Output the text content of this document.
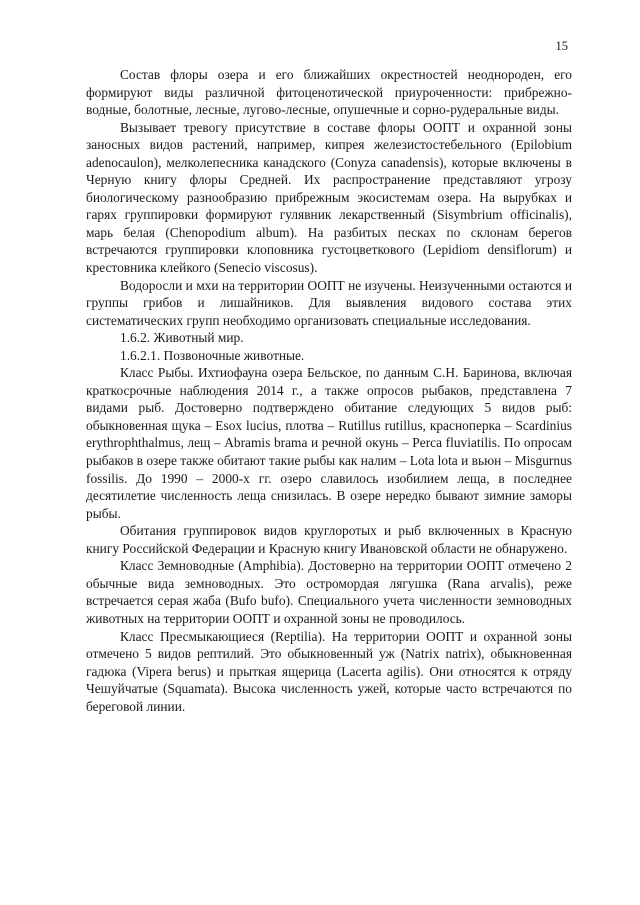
15

Состав флоры озера и его ближайших окрестностей неоднороден, его формируют виды различной фитоценотической приуроченности: прибрежно-водные, болотные, лесные, лугово-лесные, опушечные и сорно-рудеральные виды.

Вызывает тревогу присутствие в составе флоры ООПТ и охранной зоны заносных видов растений, например, кипрея железистостебельного (Epilobium adenocaulon), мелколепесника канадского (Conyza canadensis), которые включены в Черную книгу флоры Средней. Их распространение представляют угрозу биологическому разнообразию прибрежным экосистемам озера. На вырубках и гарях группировки формируют гулявник лекарственный (Sisymbrium officinalis), марь белая (Chenopodium album). На разбитых песках по склонам берегов встречаются группировки клоповника густоцветкового (Lepidiom densiflorum) и крестовника клейкого (Senecio viscosus).

Водоросли и мхи на территории ООПТ не изучены. Неизученными остаются и группы грибов и лишайников. Для выявления видового состава этих систематических групп необходимо организовать специальные исследования.

1.6.2. Животный мир.

1.6.2.1. Позвоночные животные.

Класс Рыбы. Ихтиофауна озера Бельское, по данным С.Н. Баринова, включая краткосрочные наблюдения 2014 г., а также опросов рыбаков, представлена 7 видами рыб. Достоверно подтверждено обитание следующих 5 видов рыб: обыкновенная щука – Esox lucius, плотва – Rutillus rutillus, красноперка – Scardinius erythrophthalmus, лещ – Abramis brama и речной окунь – Perca fluviatilis. По опросам рыбаков в озере также обитают такие рыбы как налим – Lota lota и вьюн – Misgurnus fossilis. До 1990 – 2000-х гг. озеро славилось изобилием леща, в последнее десятилетие численность леща снизилась. В озере нередко бывают зимние заморы рыбы.

Обитания группировок видов круглоротых и рыб включенных в Красную книгу Российской Федерации и Красную книгу Ивановской области не обнаружено.

Класс Земноводные (Amphibia). Достоверно на территории ООПТ отмечено 2 обычные вида земноводных. Это остромордая лягушка (Rana arvalis), реже встречается серая жаба (Bufo bufo). Специального учета численности земноводных животных на территории ООПТ и охранной зоны не проводилось.

Класс Пресмыкающиеся (Reptilia). На территории ООПТ и охранной зоны отмечено 5 видов рептилий. Это обыкновенный уж (Natrix natrix), обыкновенная гадюка (Vipera berus) и прыткая ящерица (Lacerta agilis). Они относятся к отряду Чешуйчатые (Squamata). Высока численность ужей, которые часто встречаются по береговой линии.
